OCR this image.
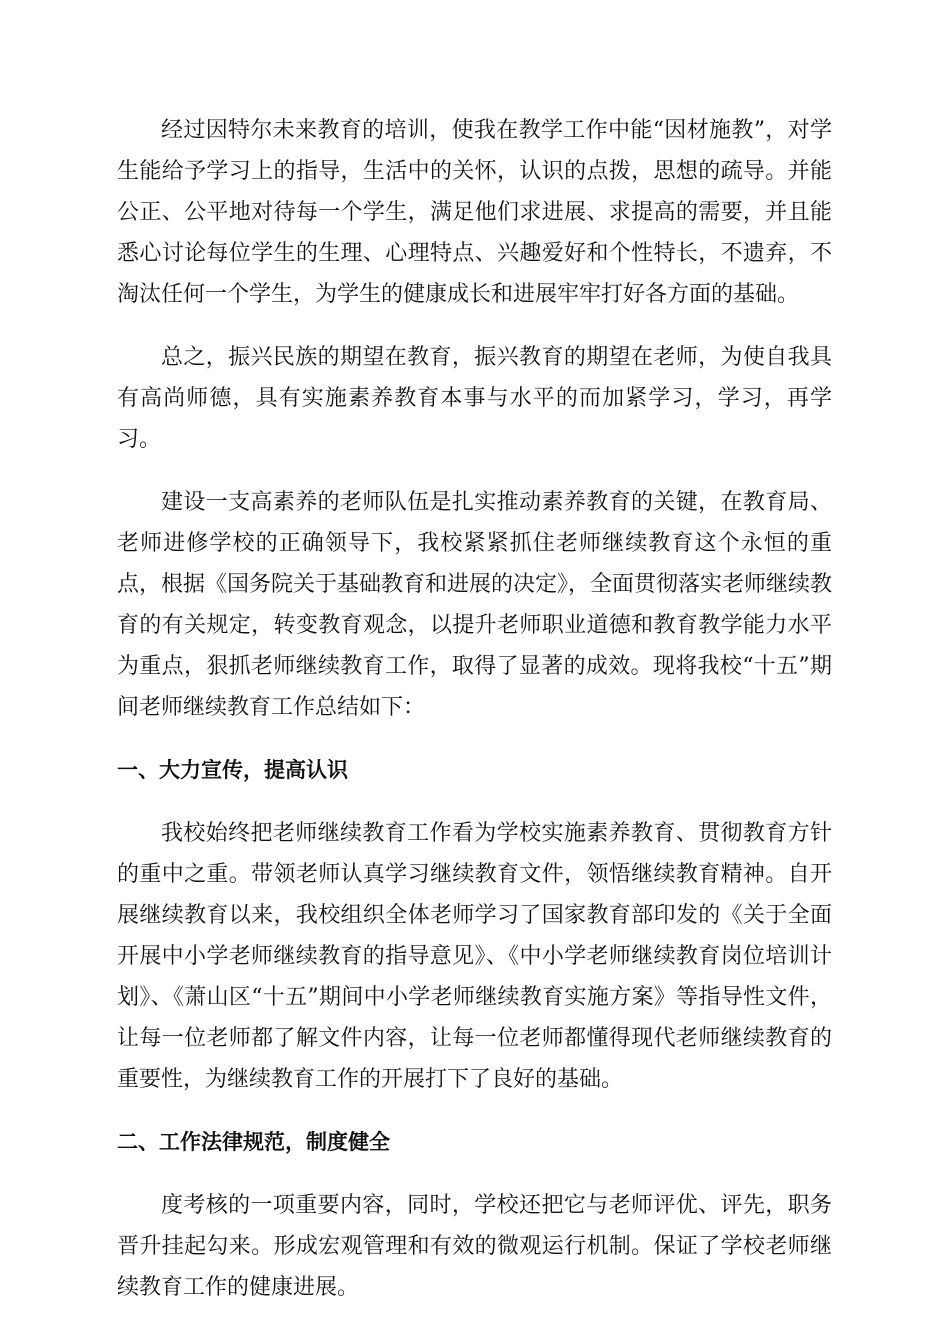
经过因特尔未来教育的培训，使我在教学工作中能“因材施教”，对学生能给予学习上的指导，生活中的关怀，认识的点拨，思想的疏导。并能公正、公平地对待每一个学生，满足他们求进展、求提高的需要，并且能悉心讨论每位学生的生理、心理特点、兴趣爱好和个性特长，不遗弃，不淘汰任何一个学生，为学生的健康成长和进展牢牢打好各方面的基础。

总之，振兴民族的期望在教育，振兴教育的期望在老师，为使自我具有高尚师德，具有实施素养教育本事与水平的而加紧学习，学习，再学习。

建设一支高素养的老师队伍是扎实推动素养教育的关键，在教育局、老师进修学校的正确领导下，我校紧紧抓住老师继续教育这个永恒的重点，根据《国务院关于基础教育和进展的决定》，全面贯彻落实老师继续教育的有关规定，转变教育观念，以提升老师职业道德和教育教学能力水平为重点，狠抓老师继续教育工作，取得了显著的成效。现将我校“十五”期间老师继续教育工作总结如下：

一、大力宣传，提高认识

我校始终把老师继续教育工作看为学校实施素养教育、贯彻教育方针的重中之重。带领老师认真学习继续教育文件，领悟继续教育精神。自开展继续教育以来，我校组织全体老师学习了国家教育部印发的《关于全面开展中小学老师继续教育的指导意见》、《中小学老师继续教育岗位培训计划》、《萧山区“十五”期间中小学老师继续教育实施方案》等指导性文件，让每一位老师都了解文件内容，让每一位老师都懂得现代老师继续教育的重要性，为继续教育工作的开展打下了良好的基础。

二、工作法律规范，制度健全

度考核的一项重要内容，同时，学校还把它与老师评优、评先，职务晋升挂起勾来。形成宏观管理和有效的微观运行机制。保证了学校老师继续教育工作的健康进展。
